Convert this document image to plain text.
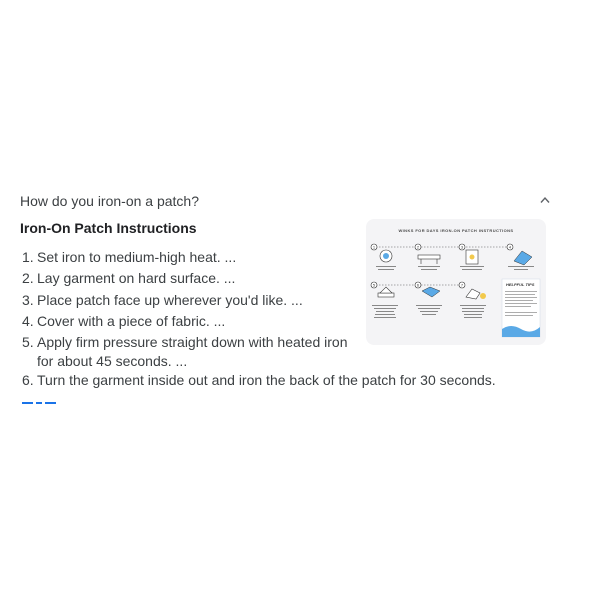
How do you iron-on a patch?
Iron-On Patch Instructions
1. Set iron to medium-high heat. ...
2. Lay garment on hard surface. ...
3. Place patch face up wherever you'd like. ...
4. Cover with a piece of fabric. ...
5. Apply firm pressure straight down with heated iron for about 45 seconds. ...
6. Turn the garment inside out and iron the back of the patch for 30 seconds.
WINKS FOR DAYS IRON-ON PATCH INSTRUCTIONS
1	2	3	4
5	6	7	HELPFUL TIPS
